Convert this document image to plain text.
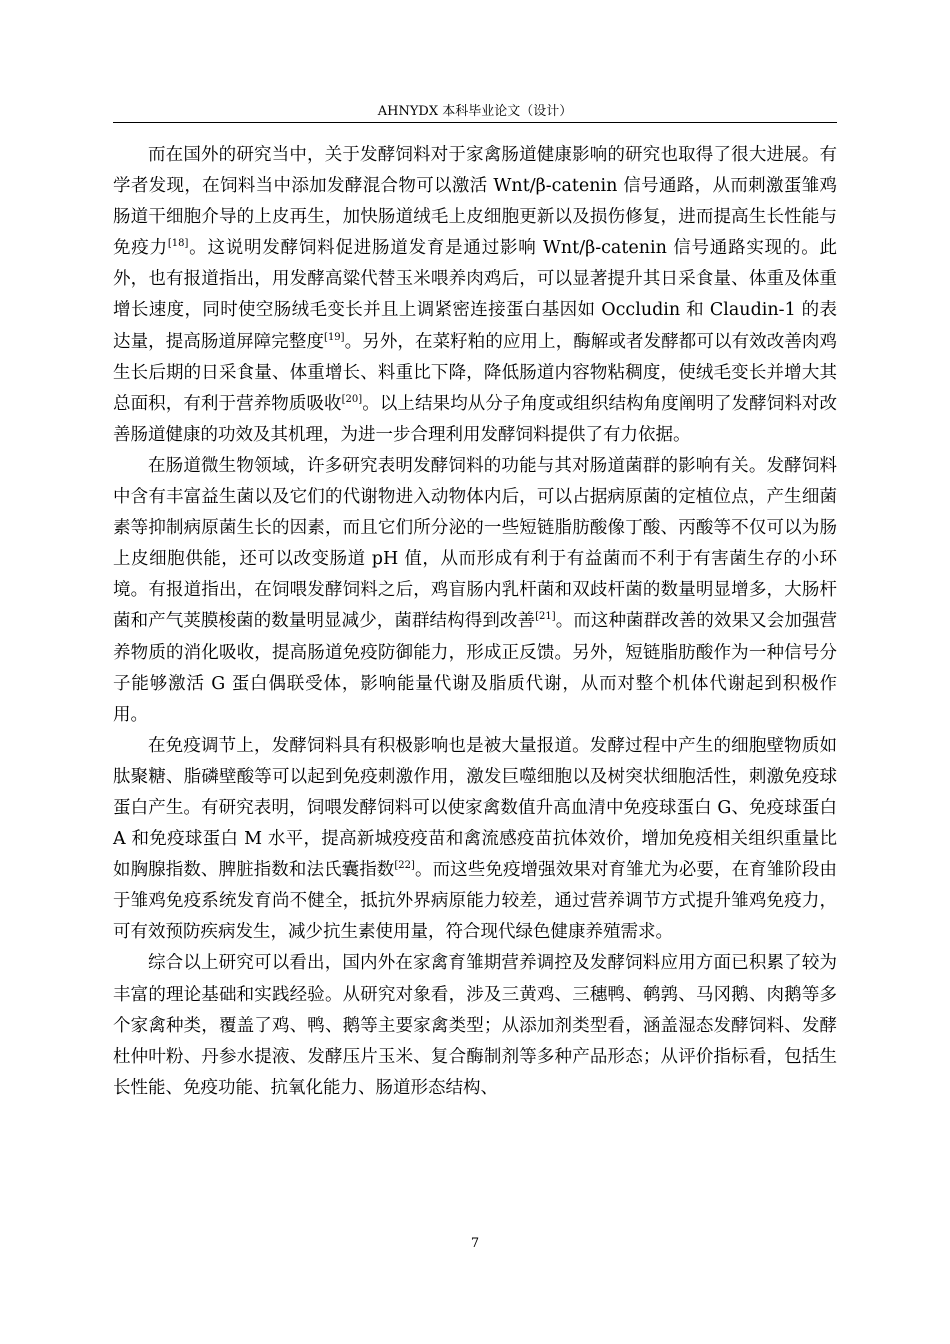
AHNYDX 本科毕业论文（设计）

而在国外的研究当中，关于发酵饲料对于家禽肠道健康影响的研究也取得了很大进展。有学者发现，在饲料当中添加发酵混合物可以激活 Wnt/β-catenin 信号通路，从而刺激蛋雏鸡肠道干细胞介导的上皮再生，加快肠道绒毛上皮细胞更新以及损伤修复，进而提高生长性能与免疫力[18]。这说明发酵饲料促进肠道发育是通过影响 Wnt/β-catenin 信号通路实现的。此外，也有报道指出，用发酵高粱代替玉米喂养肉鸡后，可以显著提升其日采食量、体重及体重增长速度，同时使空肠绒毛变长并且上调紧密连接蛋白基因如 Occludin 和 Claudin-1 的表达量，提高肠道屏障完整度[19]。另外，在菜籽粕的应用上，酶解或者发酵都可以有效改善肉鸡生长后期的日采食量、体重增长、料重比下降，降低肠道内容物粘稠度，使绒毛变长并增大其总面积，有利于营养物质吸收[20]。以上结果均从分子角度或组织结构角度阐明了发酵饲料对改善肠道健康的功效及其机理，为进一步合理利用发酵饲料提供了有力依据。

在肠道微生物领域，许多研究表明发酵饲料的功能与其对肠道菌群的影响有关。发酵饲料中含有丰富益生菌以及它们的代谢物进入动物体内后，可以占据病原菌的定植位点，产生细菌素等抑制病原菌生长的因素，而且它们所分泌的一些短链脂肪酸像丁酸、丙酸等不仅可以为肠上皮细胞供能，还可以改变肠道 pH 值，从而形成有利于有益菌而不利于有害菌生存的小环境。有报道指出，在饲喂发酵饲料之后，鸡盲肠内乳杆菌和双歧杆菌的数量明显增多，大肠杆菌和产气荚膜梭菌的数量明显减少，菌群结构得到改善[21]。而这种菌群改善的效果又会加强营养物质的消化吸收，提高肠道免疫防御能力，形成正反馈。另外，短链脂肪酸作为一种信号分子能够激活 G 蛋白偶联受体，影响能量代谢及脂质代谢，从而对整个机体代谢起到积极作用。

在免疫调节上，发酵饲料具有积极影响也是被大量报道。发酵过程中产生的细胞壁物质如肽聚糖、脂磷壁酸等可以起到免疫刺激作用，激发巨噬细胞以及树突状细胞活性，刺激免疫球蛋白产生。有研究表明，饲喂发酵饲料可以使家禽数值升高血清中免疫球蛋白 G、免疫球蛋白 A 和免疫球蛋白 M 水平，提高新城疫疫苗和禽流感疫苗抗体效价，增加免疫相关组织重量比如胸腺指数、脾脏指数和法氏囊指数[22]。而这些免疫增强效果对育雏尤为必要，在育雏阶段由于雏鸡免疫系统发育尚不健全，抵抗外界病原能力较差，通过营养调节方式提升雏鸡免疫力，可有效预防疾病发生，减少抗生素使用量，符合现代绿色健康养殖需求。

综合以上研究可以看出，国内外在家禽育雏期营养调控及发酵饲料应用方面已积累了较为丰富的理论基础和实践经验。从研究对象看，涉及三黄鸡、三穗鸭、鹌鹑、马冈鹅、肉鹅等多个家禽种类，覆盖了鸡、鸭、鹅等主要家禽类型；从添加剂类型看，涵盖湿态发酵饲料、发酵杜仲叶粉、丹参水提液、发酵压片玉米、复合酶制剂等多种产品形态；从评价指标看，包括生长性能、免疫功能、抗氧化能力、肠道形态结构、

7
